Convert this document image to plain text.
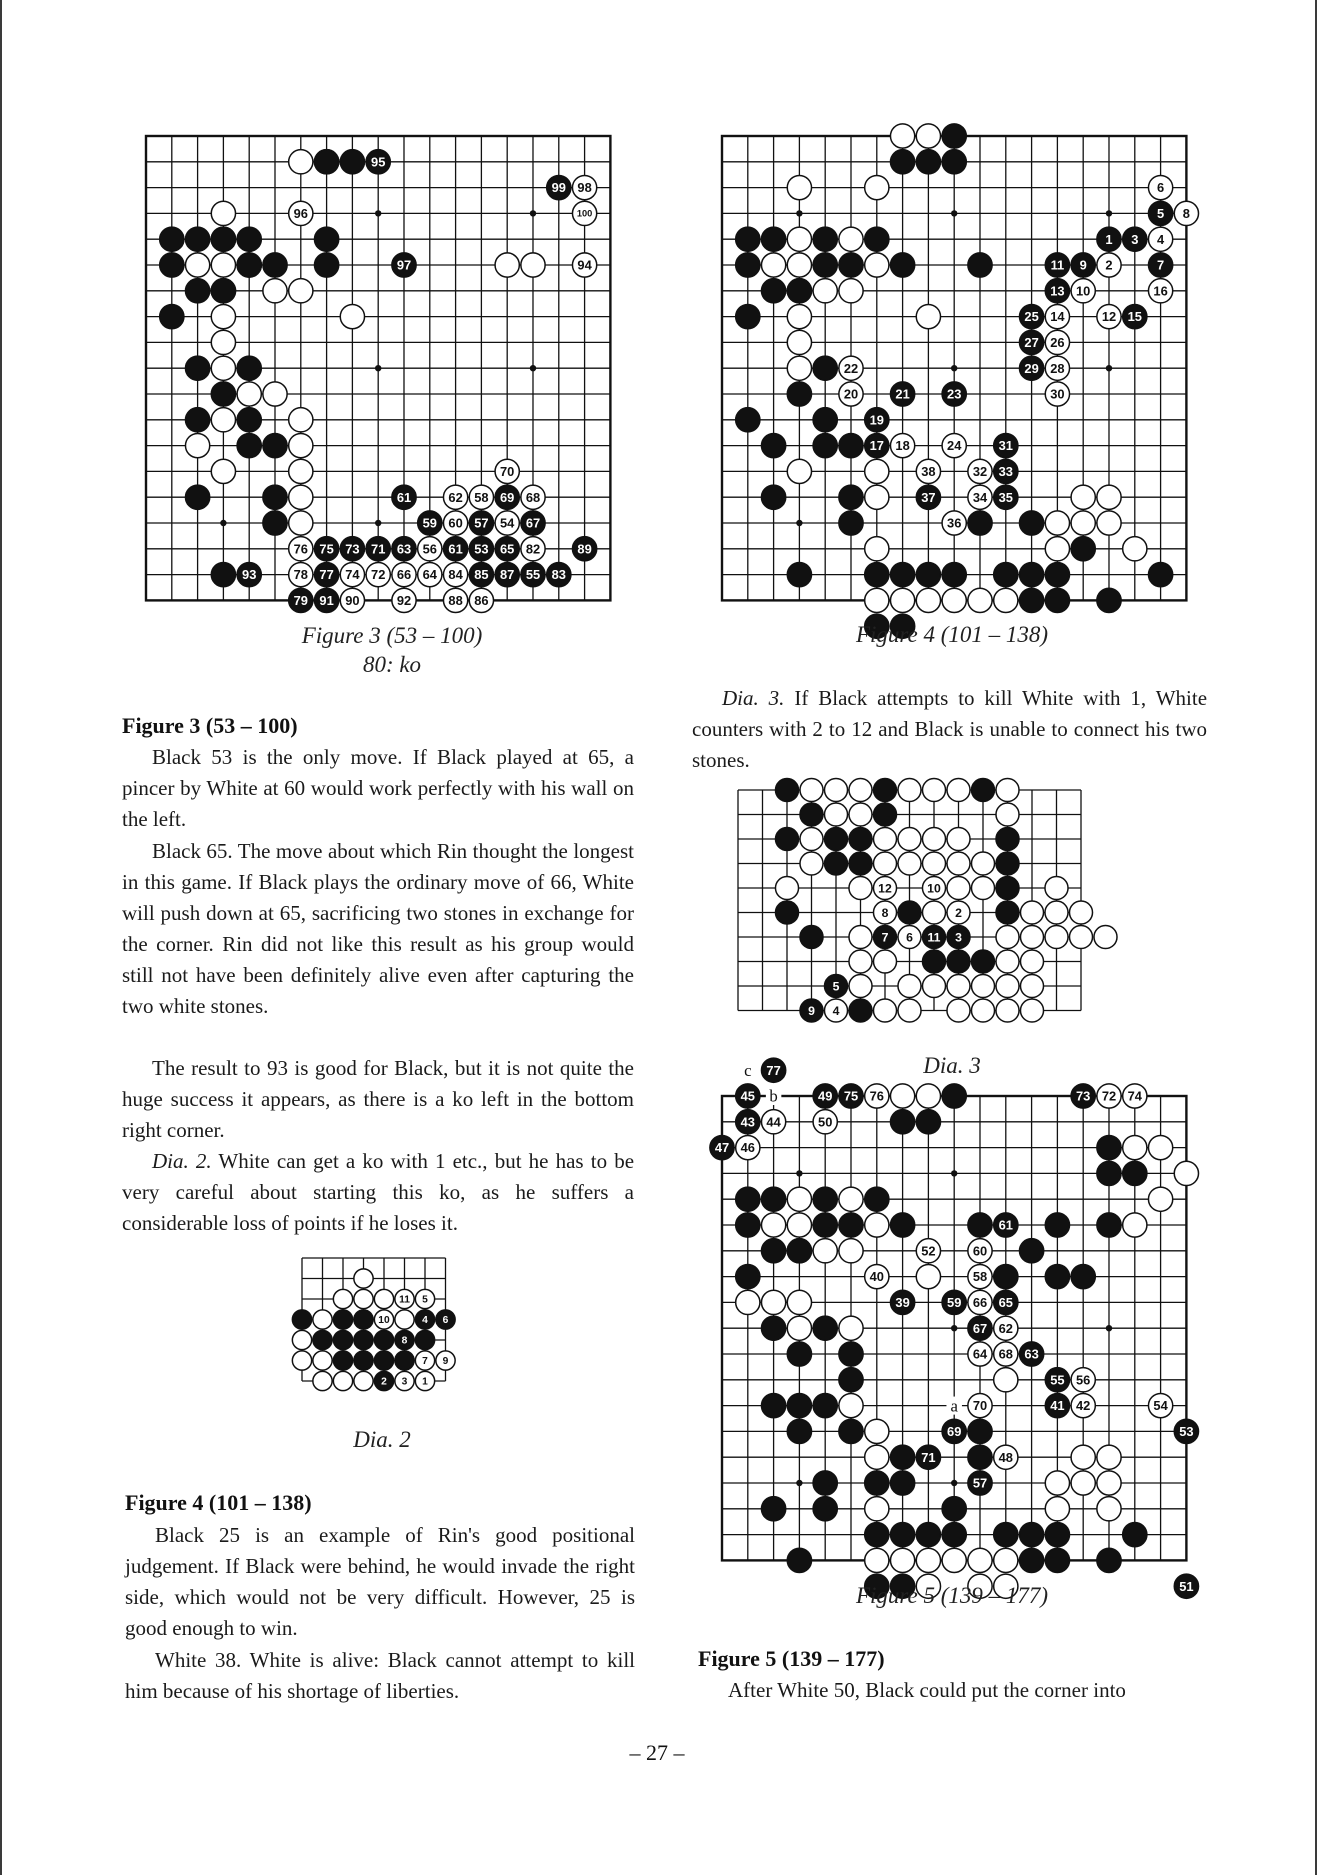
95
99 98
96	100
97	94
70
61	62 58 69 68
59 60 57 54 67
76 75 73 71 63 56 61 53 65 82	89
93	78 77 74 72 66 64 84 85 87 55 83
79 91 90	92	88 86
Figure 3 (53 – 100)
80: ko
6
5 8
1 3 4
11 9 2	7
13 10	16
25 14	12 15
27 26
22	29 28
20	21	23	30
19
17 18	24	31
38	32 33
37	34 35
36
Figure 4 (101 – 138)
Figure 3 (53 – 100)

Black 53 is the only move. If Black played at 65, a pincer by White at 60 would work perfectly with his wall on the left.

Black 65. The move about which Rin thought the longest in this game. If Black plays the ordinary move of 66, White will push down at 65, sacrificing two stones in exchange for the corner. Rin did not like this result as his group would still not have been definitely alive even after capturing the two white stones.

The result to 93 is good for Black, but it is not quite the huge success it appears, as there is a ko left in the bottom right corner.

Dia. 2. White can get a ko with 1 etc., but he has to be very careful about starting this ko, as he suffers a considerable loss of points if he loses it.

11 5
10	4 6
8
7 9
2 3 1
Dia. 2
Figure 4 (101 – 138)

Black 25 is an example of Rin's good positional judgement. If Black were behind, he would invade the right side, which would not be very difficult. However, 25 is good enough to win.

White 38. White is alive: Black cannot attempt to kill him because of his shortage of liberties.

Dia. 3. If Black attempts to kill White with 1, White counters with 2 to 12 and Black is unable to connect his two stones.

12	10
8	2
7 6 11 3
5
9 4
Dia. 3
77
45	49 75 76	73 72 74
43 44	50
47 46
61
52	60
40	58
39	59 66 65
67 62
64 68 63
55 56
41 42	54
70
69	53
71	48
57
51
c
b
a
Figure 5 (139 – 177)
Figure 5 (139 – 177)

After White 50, Black could put the corner into

– 27 –
